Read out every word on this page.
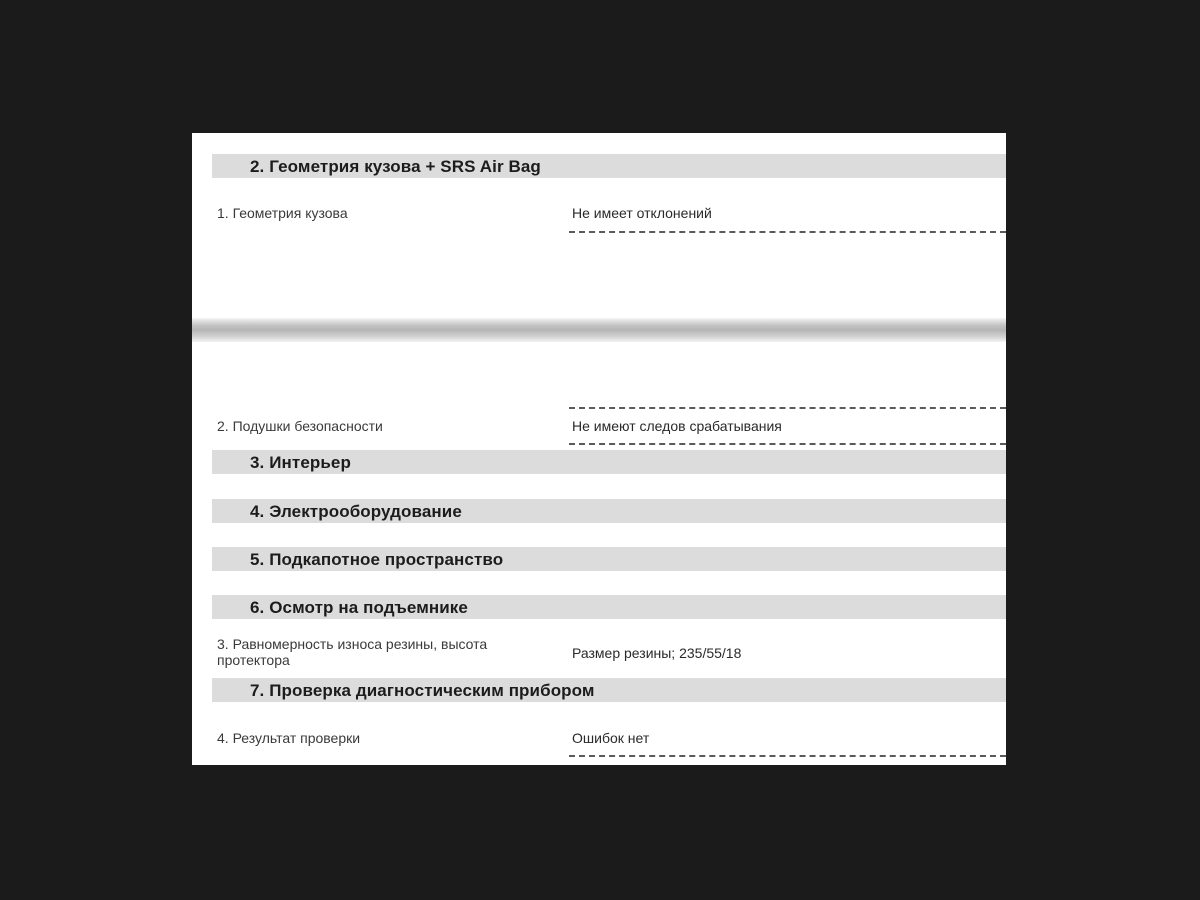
2. Геометрия кузова + SRS Air Bag
1. Геометрия кузова	Не имеет отклонений
2. Подушки безопасности	Не имеют следов срабатывания
3. Интерьер
4. Электрооборудование
5. Подкапотное пространство
6. Осмотр на подъемнике
3. Равномерность износа резины, высота
протектора	Размер резины; 235/55/18
7. Проверка диагностическим прибором
4. Результат проверки	Ошибок нет
